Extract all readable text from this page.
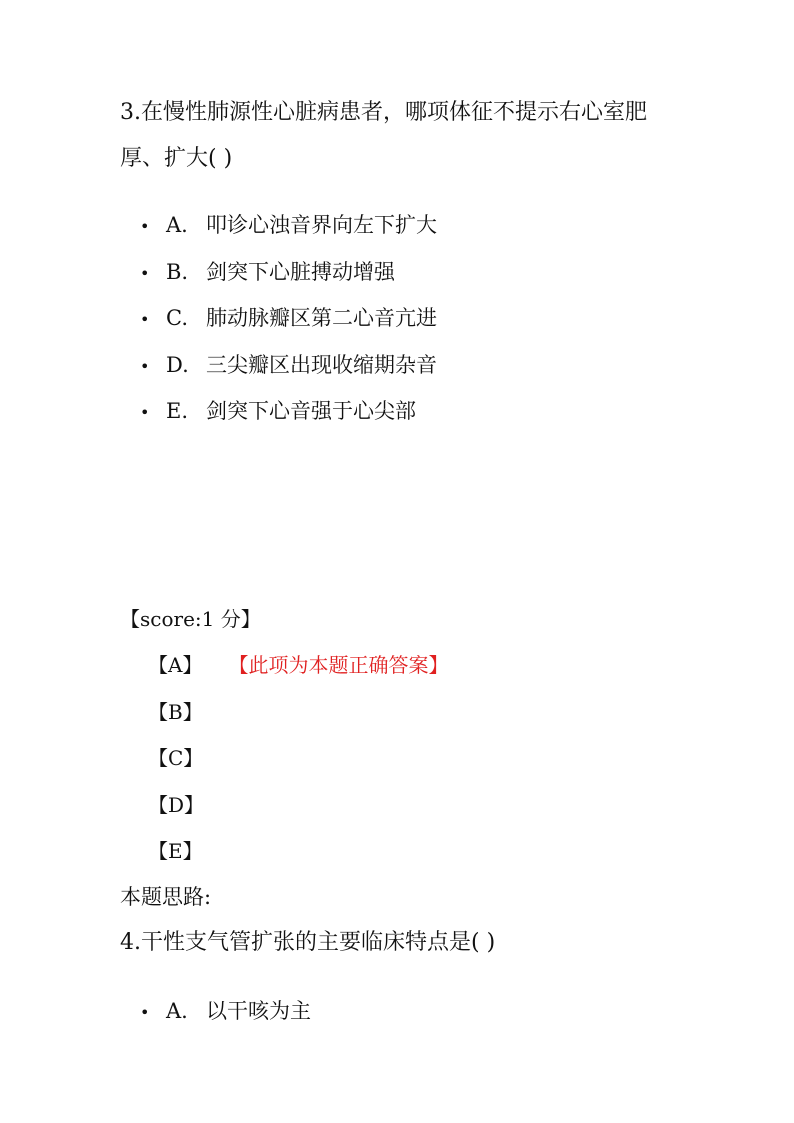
3.在慢性肺源性心脏病患者，哪项体征不提示右心室肥厚、扩大( )
• A. 叩诊心浊音界向左下扩大
• B. 剑突下心脏搏动增强
• C. 肺动脉瓣区第二心音亢进
• D. 三尖瓣区出现收缩期杂音
• E. 剑突下心音强于心尖部
【score:1 分】
【A】 【此项为本题正确答案】
【B】
【C】
【D】
【E】
本题思路:
4.干性支气管扩张的主要临床特点是( )
• A. 以干咳为主
